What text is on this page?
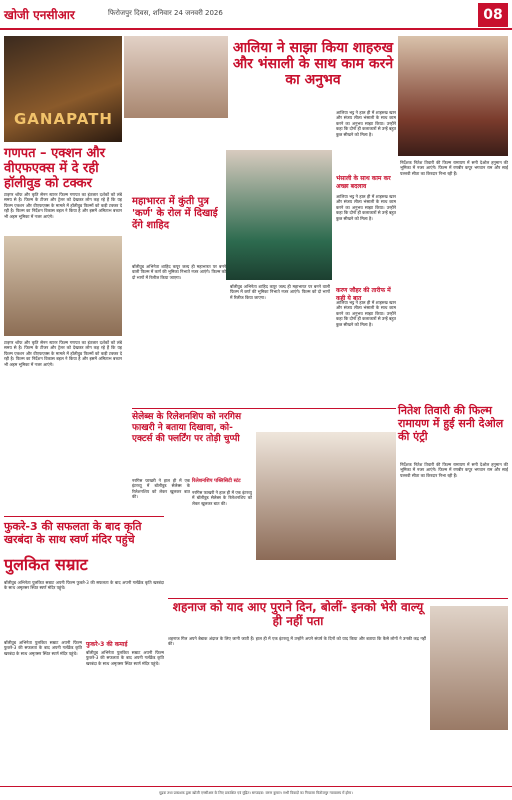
खोजी एनसीआर	फिरोजपुर दिवस, शनिवार 24 जनवरी 2026	08
GANAPATH
गणपत – एक्शन और वीएफएक्स में दे रही हॉलीवुड को टक्कर
टाइगर श्रॉफ और कृति सेनन स्टारर फिल्म गणपत का इंतजार दर्शकों को लंबे समय से है। फिल्म के टीजर और ट्रेलर को देखकर लोग कह रहे हैं कि यह फिल्म एक्शन और वीएफएक्स के मामले में हॉलीवुड फिल्मों को कड़ी टक्कर दे रही है। फिल्म का निर्देशन विकास बहल ने किया है और इसमें अमिताभ बच्चन भी अहम भूमिका में नजर आएंगे।
टाइगर श्रॉफ और कृति सेनन स्टारर फिल्म गणपत का इंतजार दर्शकों को लंबे समय से है। फिल्म के टीजर और ट्रेलर को देखकर लोग कह रहे हैं कि यह फिल्म एक्शन और वीएफएक्स के मामले में हॉलीवुड फिल्मों को कड़ी टक्कर दे रही है। फिल्म का निर्देशन विकास बहल ने किया है और इसमें अमिताभ बच्चन भी अहम भूमिका में नजर आएंगे।
फुकरे-3 की सफलता के बाद कृति खरबंदा के साथ स्वर्ण मंदिर पहुंचे
पुलकित सम्राट
बॉलीवुड अभिनेता पुलकित सम्राट अपनी फिल्म फुकरे-3 की सफलता के बाद अपनी गर्लफ्रेंड कृति खरबंदा के साथ अमृतसर स्थित स्वर्ण मंदिर पहुंचे।
बॉलीवुड अभिनेता पुलकित सम्राट अपनी फिल्म फुकरे-3 की सफलता के बाद अपनी गर्लफ्रेंड कृति खरबंदा के साथ अमृतसर स्थित स्वर्ण मंदिर पहुंचे।
फुकरे-3 की कमाई
बॉलीवुड अभिनेता पुलकित सम्राट अपनी फिल्म फुकरे-3 की सफलता के बाद अपनी गर्लफ्रेंड कृति खरबंदा के साथ अमृतसर स्थित स्वर्ण मंदिर पहुंचे।
आलिया ने साझा किया शाहरुख और भंसाली के साथ काम करने का अनुभव
आलिया भट्ट ने हाल ही में शाहरुख खान और संजय लीला भंसाली के साथ काम करने का अनुभव साझा किया। उन्होंने कहा कि दोनों ही कलाकारों से उन्हें बहुत कुछ सीखने को मिला है।
भंसाली के साथ काम कर अच्छा बदलाव
आलिया भट्ट ने हाल ही में शाहरुख खान और संजय लीला भंसाली के साथ काम करने का अनुभव साझा किया। उन्होंने कहा कि दोनों ही कलाकारों से उन्हें बहुत कुछ सीखने को मिला है।
करण जौहर की तारीफ में कही ये बात
आलिया भट्ट ने हाल ही में शाहरुख खान और संजय लीला भंसाली के साथ काम करने का अनुभव साझा किया। उन्होंने कहा कि दोनों ही कलाकारों से उन्हें बहुत कुछ सीखने को मिला है।
महाभारत में कुंती पुत्र 'कर्ण' के रोल में दिखाई देंगे शाहिद
बॉलीवुड अभिनेता शाहिद कपूर जल्द ही महाभारत पर बनने वाली फिल्म में कर्ण की भूमिका निभाते नजर आएंगे। फिल्म को दो भागों में रिलीज किया जाएगा।
बॉलीवुड अभिनेता शाहिद कपूर जल्द ही महाभारत पर बनने वाली फिल्म में कर्ण की भूमिका निभाते नजर आएंगे। फिल्म को दो भागों में रिलीज किया जाएगा।
निर्देशक नितेश तिवारी की फिल्म रामायण में सनी देओल हनुमान की भूमिका में नजर आएंगे। फिल्म में रणबीर कपूर भगवान राम और साई पल्लवी सीता का किरदार निभा रही हैं।
नितेश तिवारी की फिल्म रामायण में हुई सनी देओल की एंट्री
निर्देशक नितेश तिवारी की फिल्म रामायण में सनी देओल हनुमान की भूमिका में नजर आएंगे। फिल्म में रणबीर कपूर भगवान राम और साई पल्लवी सीता का किरदार निभा रही हैं।
सेलेब्स के रिलेशनशिप को नरगिस फाखरी ने बताया दिखावा, को-एक्टर्स की फ्लर्टिंग पर तोड़ी चुप्पी
नरगिस फाखरी ने हाल ही में एक इंटरव्यू में बॉलीवुड सेलेब्स के रिलेशनशिप को लेकर खुलकर बात की।
रिलेशनशिप पब्लिसिटी स्टंट
नरगिस फाखरी ने हाल ही में एक इंटरव्यू में बॉलीवुड सेलेब्स के रिलेशनशिप को लेकर खुलकर बात की।
शहनाज को याद आए पुराने दिन, बोलीं- इनको भेरी वाल्यू ही नहीं पता
शहनाज गिल अपने बेबाक अंदाज के लिए जानी जाती हैं। हाल ही में एक इंटरव्यू में उन्होंने अपने संघर्ष के दिनों को याद किया और बताया कि कैसे लोगों ने उनकी कद्र नहीं की।
मुद्रक तथा प्रकाशक द्वारा खोजी एनसीआर के लिए प्रकाशित एवं मुद्रित। सम्पादक: वरुण कुमार। सभी विवादों का निपटारा फिरोजपुर न्यायालय में होगा।
